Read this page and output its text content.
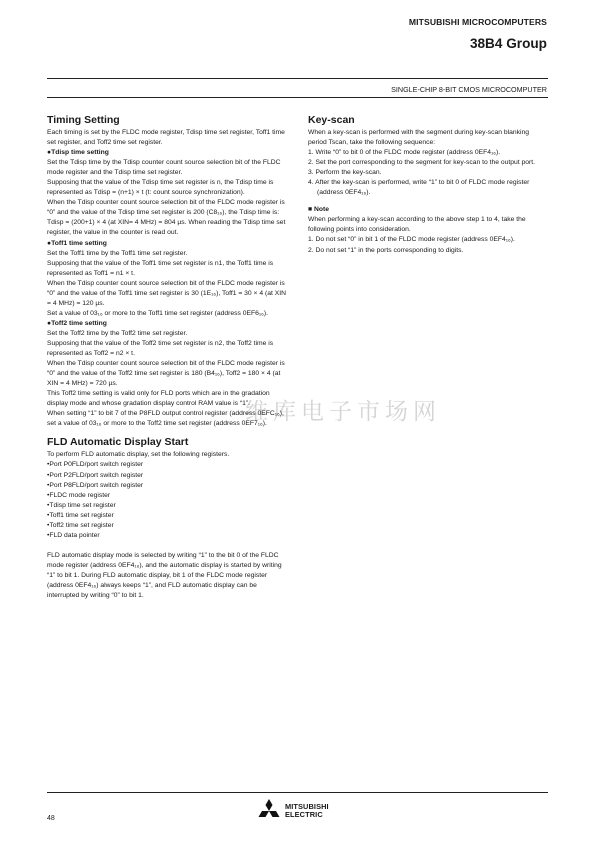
MITSUBISHI MICROCOMPUTERS
38B4 Group
SINGLE-CHIP 8-BIT CMOS MICROCOMPUTER
维库电子市场网
Timing Setting

Each timing is set by the FLDC mode register, Tdisp time set register, Toff1 time set register, and Toff2 time set register.

●Tdisp time setting

Set the Tdisp time by the Tdisp counter count source selection bit of the FLDC mode register and the Tdisp time set register.

Supposing that the value of the Tdisp time set register is n, the Tdisp time is represented as Tdisp = (n+1) × t (t: count source synchronization).

When the Tdisp counter count source selection bit of the FLDC mode register is “0” and the value of the Tdisp time set register is 200 (C8₁₆), the Tdisp time is: Tdisp = (200+1) × 4 (at XIN= 4 MHz) = 804 µs. When reading the Tdisp time set register, the value in the counter is read out.

●Toff1 time setting

Set the Toff1 time by the Toff1 time set register.

Supposing that the value of the Toff1 time set register is n1, the Toff1 time is represented as Toff1 = n1 × t.

When the Tdisp counter count source selection bit of the FLDC mode register is “0” and the value of the Toff1 time set register is 30 (1E₁₆), Toff1 = 30 × 4 (at XIN = 4 MHz) = 120 µs.

Set a value of 03₁₆ or more to the Toff1 time set register (address 0EF6₁₆).

●Toff2 time setting

Set the Toff2 time by the Toff2 time set register.

Supposing that the value of the Toff2 time set register is n2, the Toff2 time is represented as Toff2 = n2 × t.

When the Tdisp counter count source selection bit of the FLDC mode register is “0” and the value of the Toff2 time set register is 180 (B4₁₆), Toff2 = 180 × 4 (at XIN = 4 MHz) = 720 µs.

This Toff2 time setting is valid only for FLD ports which are in the gradation display mode and whose gradation display control RAM value is “1”.

When setting “1” to bit 7 of the P8FLD output control register (address 0EFC₁₆), set a value of 03₁₆ or more to the Toff2 time set register (address 0EF7₁₆).

FLD Automatic Display Start

To perform FLD automatic display, set the following registers.

•Port P0FLD/port switch register

•Port P2FLD/port switch register

•Port P8FLD/port switch register

•FLDC mode register

•Tdisp time set register

•Toff1 time set register

•Toff2 time set register

•FLD data pointer

FLD automatic display mode is selected by writing “1” to the bit 0 of the FLDC mode register (address 0EF4₁₆), and the automatic display is started by writing “1” to bit 1. During FLD automatic display, bit 1 of the FLDC mode register (address 0EF4₁₆) always keeps “1”, and FLD automatic display can be interrupted by writing “0” to bit 1.

Key-scan

When a key-scan is performed with the segment during key-scan blanking period Tscan, take the following sequence:

1. Write “0” to bit 0 of the FLDC mode register (address 0EF4₁₆).

2. Set the port corresponding to the segment for key-scan to the output port.

3. Perform the key-scan.

4. After the key-scan is performed, write “1” to bit 0 of FLDC mode register (address 0EF4₁₆).

■ Note

When performing a key-scan according to the above step 1 to 4, take the following points into consideration.

1. Do not set “0” in bit 1 of the FLDC mode register (address 0EF4₁₆).

2. Do not set “1” in the ports corresponding to digits.

48
MITSUBISHI
ELECTRIC
